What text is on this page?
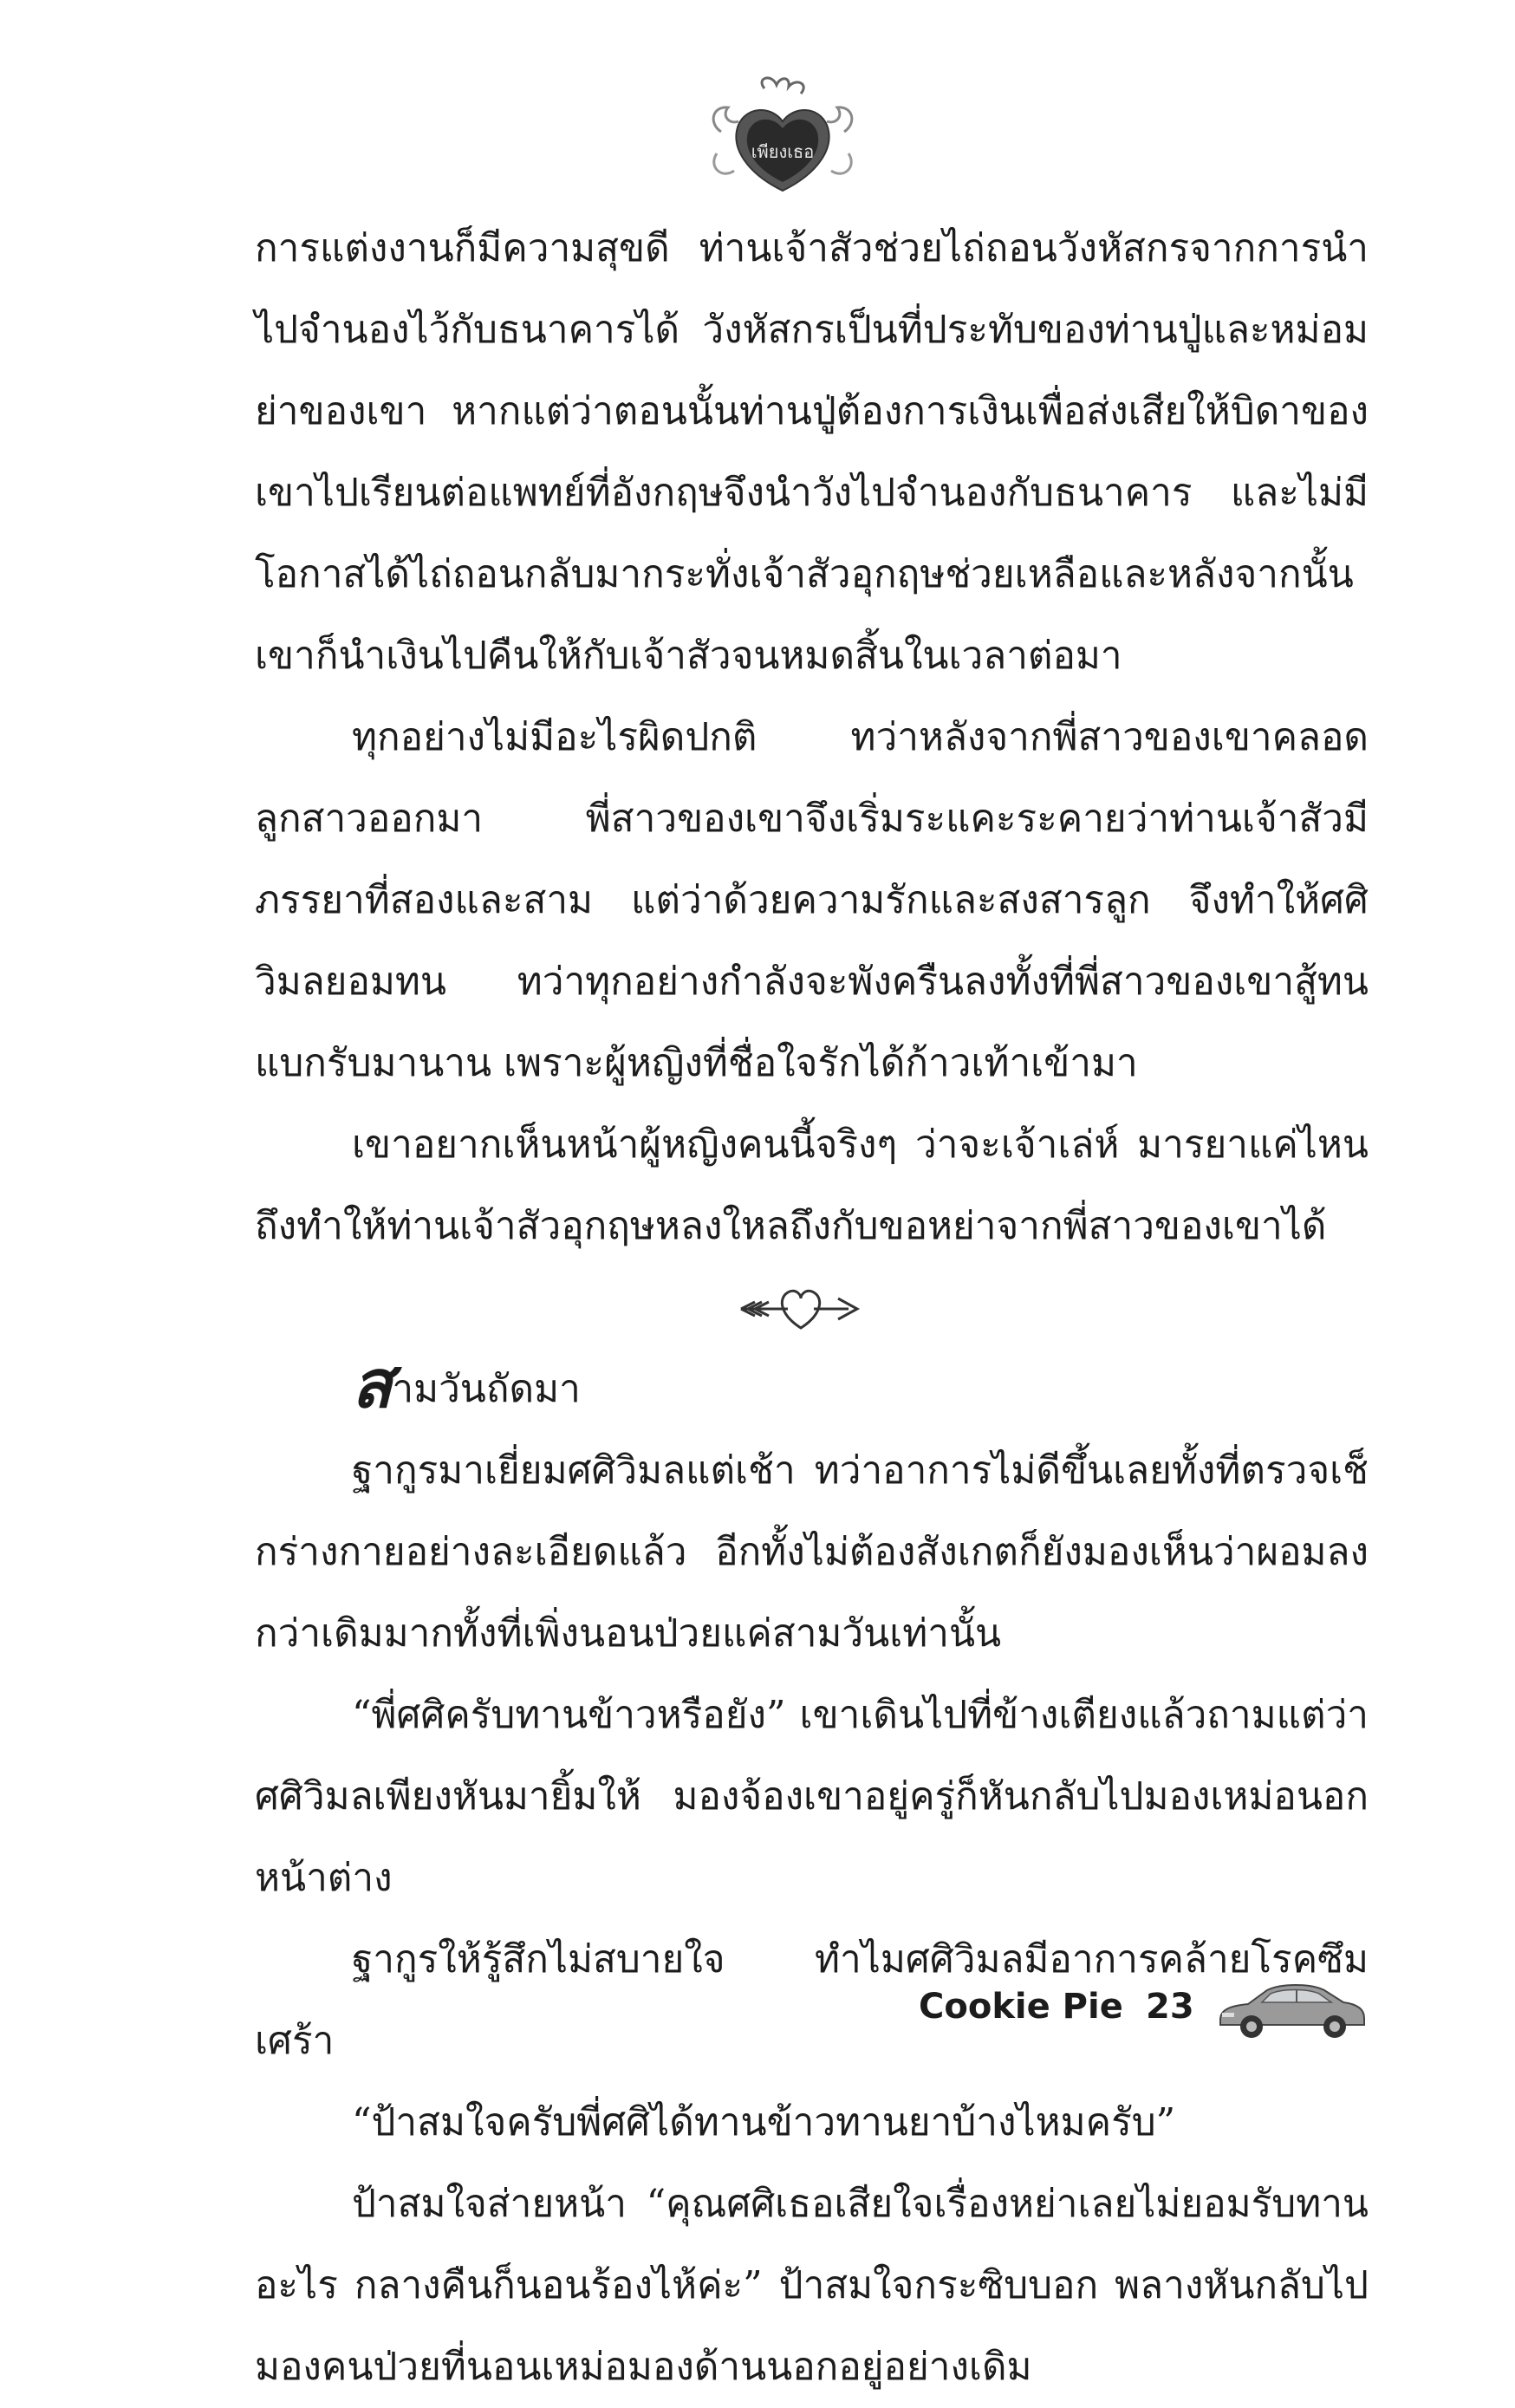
เพียงเธอ

การแต่งงานก็มีความสุขดี ท่านเจ้าสัวช่วยไถ่ถอนวังหัสกรจากการนำไปจำนองไว้กับธนาคารได้ วังหัสกรเป็นที่ประทับของท่านปู่และหม่อมย่าของเขา หากแต่ว่าตอนนั้นท่านปู่ต้องการเงินเพื่อส่งเสียให้บิดาของเขาไปเรียนต่อแพทย์ที่อังกฤษจึงนำวังไปจำนองกับธนาคาร และไม่มีโอกาสได้ไถ่ถอนกลับมากระทั่งเจ้าสัวอุกฤษช่วยเหลือและหลังจากนั้นเขาก็นำเงินไปคืนให้กับเจ้าสัวจนหมดสิ้นในเวลาต่อมา

ทุกอย่างไม่มีอะไรผิดปกติ ทว่าหลังจากพี่สาวของเขาคลอดลูกสาวออกมา พี่สาวของเขาจึงเริ่มระแคะระคายว่าท่านเจ้าสัวมีภรรยาที่สองและสาม แต่ว่าด้วยความรักและสงสารลูก จึงทำให้ศศิวิมลยอมทน ทว่าทุกอย่างกำลังจะพังครืนลงทั้งที่พี่สาวของเขาสู้ทนแบกรับมานาน เพราะผู้หญิงที่ชื่อใจรักได้ก้าวเท้าเข้ามา

เขาอยากเห็นหน้าผู้หญิงคนนี้จริงๆ ว่าจะเจ้าเล่ห์ มารยาแค่ไหนถึงทำให้ท่านเจ้าสัวอุกฤษหลงใหลถึงกับขอหย่าจากพี่สาวของเขาได้

สามวันถัดมา

ฐากูรมาเยี่ยมศศิวิมลแต่เช้า ทว่าอาการไม่ดีขึ้นเลยทั้งที่ตรวจเช็กร่างกายอย่างละเอียดแล้ว อีกทั้งไม่ต้องสังเกตก็ยังมองเห็นว่าผอมลงกว่าเดิมมากทั้งที่เพิ่งนอนป่วยแค่สามวันเท่านั้น

“พี่ศศิครับทานข้าวหรือยัง” เขาเดินไปที่ข้างเตียงแล้วถามแต่ว่าศศิวิมลเพียงหันมายิ้มให้ มองจ้องเขาอยู่ครู่ก็หันกลับไปมองเหม่อนอกหน้าต่าง

ฐากูรให้รู้สึกไม่สบายใจ ทำไมศศิวิมลมีอาการคล้ายโรคซึมเศร้า

“ป้าสมใจครับพี่ศศิได้ทานข้าวทานยาบ้างไหมครับ”

ป้าสมใจส่ายหน้า “คุณศศิเธอเสียใจเรื่องหย่าเลยไม่ยอมรับทานอะไร กลางคืนก็นอนร้องไห้ค่ะ” ป้าสมใจกระซิบบอก พลางหันกลับไปมองคนป่วยที่นอนเหม่อมองด้านนอกอยู่อย่างเดิม

Cookie Pie 23
